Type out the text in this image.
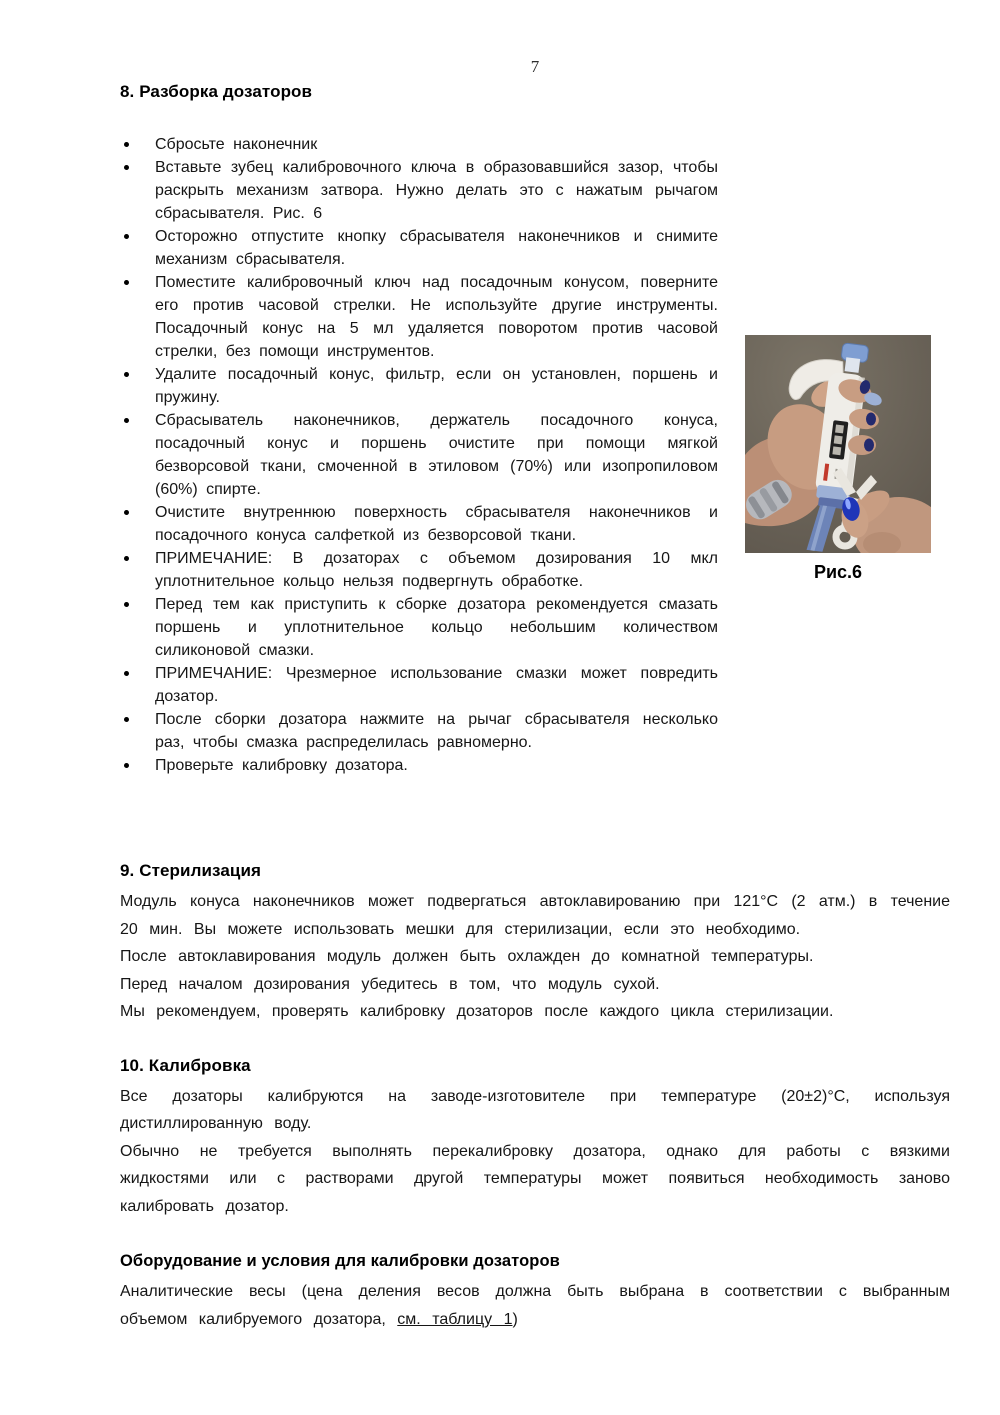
7
8. Разборка дозаторов
Сбросьте наконечник
Вставьте зубец калибровочного ключа в образовавшийся зазор, чтобы раскрыть механизм затвора. Нужно делать это с нажатым рычагом сбрасывателя. Рис. 6
Осторожно отпустите кнопку сбрасывателя наконечников и снимите механизм сбрасывателя.
Поместите калибровочный ключ над посадочным конусом, поверните его против часовой стрелки. Не используйте другие инструменты. Посадочный конус на 5 мл удаляется поворотом против часовой стрелки, без помощи инструментов.
Удалите посадочный конус, фильтр, если он установлен, поршень и пружину.
Сбрасыватель наконечников, держатель посадочного конуса, посадочный конус и поршень очистите при помощи мягкой безворсовой ткани, смоченной в этиловом (70%) или изопропиловом (60%) спирте.
Очистите внутреннюю поверхность сбрасывателя наконечников и посадочного конуса салфеткой из безворсовой ткани.
ПРИМЕЧАНИЕ: В дозаторах с объемом дозирования 10 мкл уплотнительное кольцо нельзя подвергнуть обработке.
Перед тем как приступить к сборке дозатора рекомендуется смазать поршень и уплотнительное кольцо небольшим количеством силиконовой смазки.
ПРИМЕЧАНИЕ: Чрезмерное использование смазки может повредить дозатор.
После сборки дозатора нажмите на рычаг сбрасывателя несколько раз, чтобы смазка распределилась равномерно.
Проверьте калибровку дозатора.
9. Стерилизация

Модуль конуса наконечников может подвергаться автоклавированию при 121°С (2 атм.) в течение 20 мин. Вы можете использовать мешки для стерилизации, если это необходимо.

После автоклавирования модуль должен быть охлажден до комнатной температуры.

Перед началом дозирования убедитесь в том, что модуль сухой.

Мы рекомендуем, проверять калибровку дозаторов после каждого цикла стерилизации.

10. Калибровка

Все дозаторы калибруются на заводе-изготовителе при температуре (20±2)°С, используя дистиллированную воду.

Обычно не требуется выполнять перекалибровку дозатора, однако для работы с вязкими жидкостями или с растворами другой температуры может появиться необходимость заново калибровать дозатор.

Оборудование и условия для калибровки дозаторов

Аналитические весы (цена деления весов должна быть выбрана в соответствии с выбранным объемом калибруемого дозатора, см. таблицу 1)

Рис.6
